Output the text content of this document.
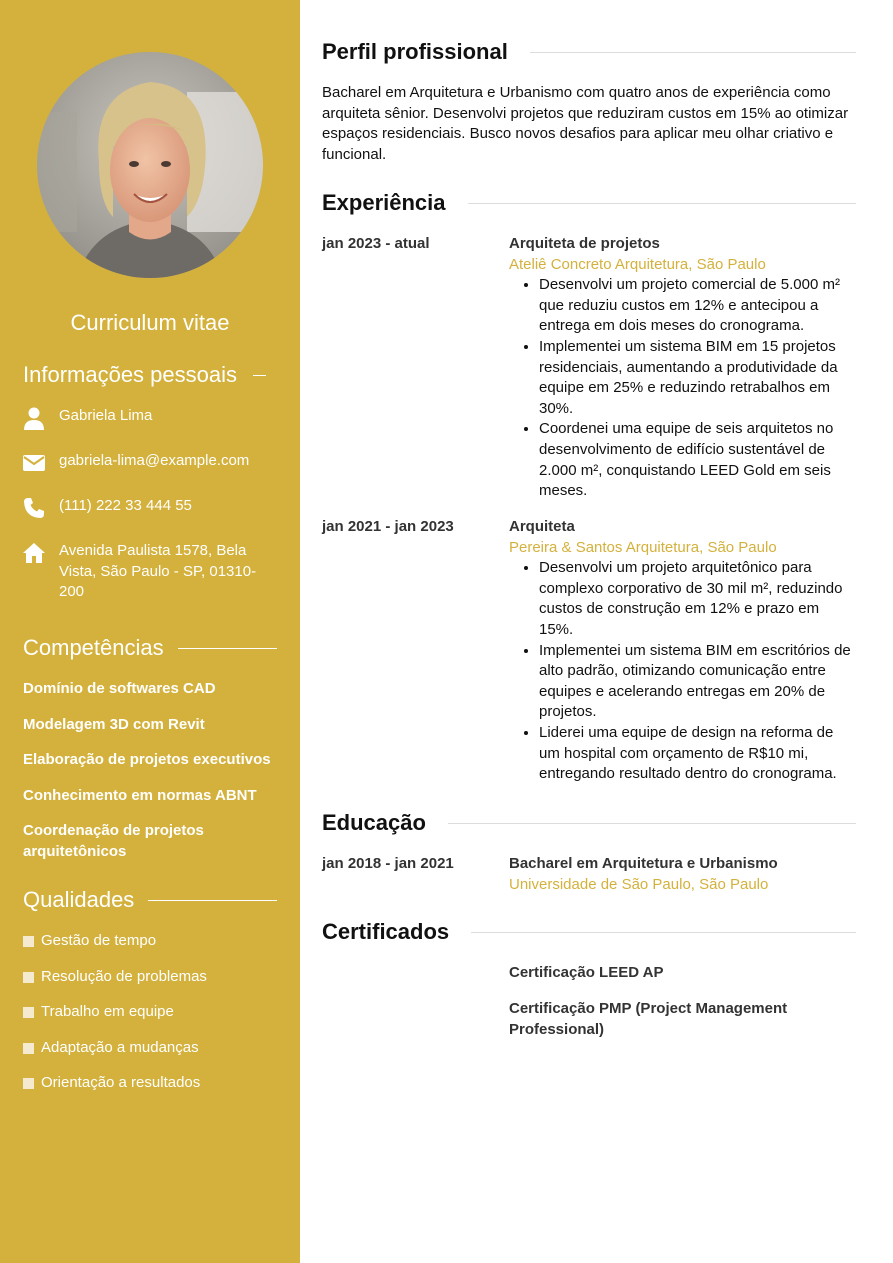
Curriculum vitae
Informações pessoais
Gabriela Lima
gabriela-lima@example.com
(111) 222 33 444 55
Avenida Paulista 1578, Bela Vista, São Paulo - SP, 01310-200
Competências
Domínio de softwares CAD
Modelagem 3D com Revit
Elaboração de projetos executivos
Conhecimento em normas ABNT
Coordenação de projetos arquitetônicos
Qualidades
Gestão de tempo
Resolução de problemas
Trabalho em equipe
Adaptação a mudanças
Orientação a resultados
Perfil profissional
Bacharel em Arquitetura e Urbanismo com quatro anos de experiência como arquiteta sênior. Desenvolvi projetos que reduziram custos em 15% ao otimizar espaços residenciais. Busco novos desafios para aplicar meu olhar criativo e funcional.
Experiência
jan 2023 - atual	Arquiteta de projetos
Ateliê Concreto Arquitetura, São Paulo
• Desenvolvi um projeto comercial de 5.000 m² que reduziu custos em 12% e antecipou a entrega em dois meses do cronograma.
• Implementei um sistema BIM em 15 projetos residenciais, aumentando a produtividade da equipe em 25% e reduzindo retrabalhos em 30%.
• Coordenei uma equipe de seis arquitetos no desenvolvimento de edifício sustentável de 2.000 m², conquistando LEED Gold em seis meses.
jan 2021 - jan 2023	Arquiteta
Pereira & Santos Arquitetura, São Paulo
• Desenvolvi um projeto arquitetônico para complexo corporativo de 30 mil m², reduzindo custos de construção em 12% e prazo em 15%.
• Implementei um sistema BIM em escritórios de alto padrão, otimizando comunicação entre equipes e acelerando entregas em 20% de projetos.
• Liderei uma equipe de design na reforma de um hospital com orçamento de R$10 mi, entregando resultado dentro do cronograma.
Educação
jan 2018 - jan 2021	Bacharel em Arquitetura e Urbanismo
Universidade de São Paulo, São Paulo
Certificados
Certificação LEED AP
Certificação PMP (Project Management Professional)
